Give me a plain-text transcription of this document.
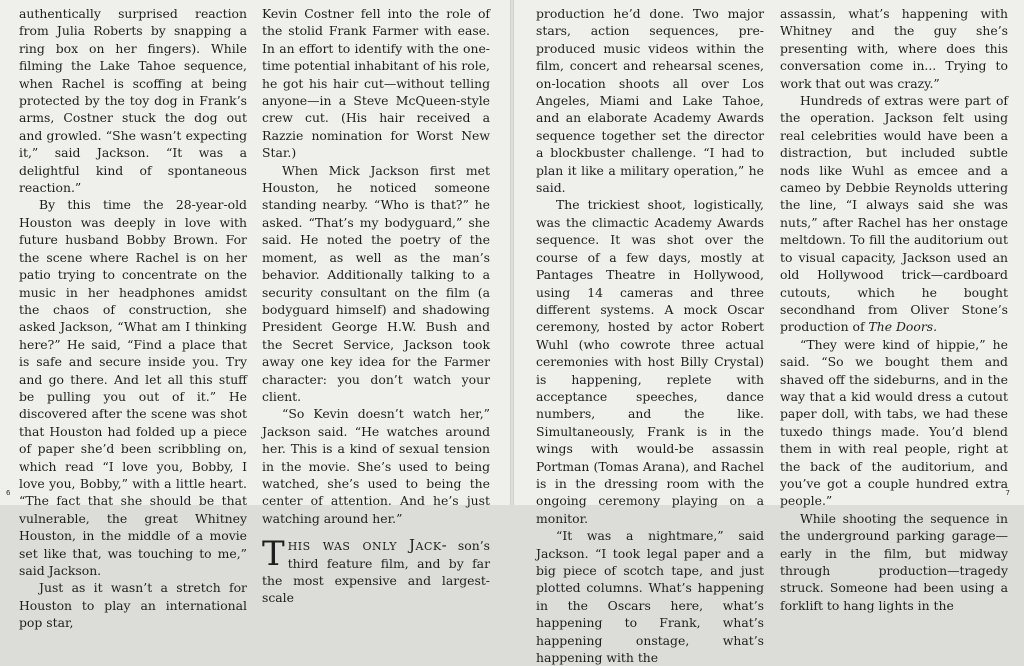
authentically surprised reaction from Julia Roberts by snapping a ring box on her fingers). While filming the Lake Tahoe sequence, when Rachel is scoffing at being protected by the toy dog in Frank’s arms, Costner stuck the dog out and growled. “She wasn’t expecting it,” said Jackson. “It was a delightful kind of spontaneous reaction.”

By this time the 28-year-old Houston was deeply in love with future husband Bobby Brown. For the scene where Rachel is on her patio trying to concentrate on the music in her headphones amidst the chaos of construction, she asked Jackson, “What am I thinking here?” He said, “Find a place that is safe and secure inside you. Try and go there. And let all this stuff be pulling you out of it.” He discovered after the scene was shot that Houston had folded up a piece of paper she’d been scribbling on, which read “I love you, Bobby, I love you, Bobby,” with a little heart. “The fact that she should be that vulnerable, the great Whitney Houston, in the middle of a movie set like that, was touching to me,” said Jackson.

Just as it wasn’t a stretch for Houston to play an international pop star,

Kevin Costner fell into the role of the stolid Frank Farmer with ease. In an effort to identify with the one-time potential inhabitant of his role, he got his hair cut—without telling anyone—in a Steve McQueen-style crew cut. (His hair received a Razzie nomination for Worst New Star.)

When Mick Jackson first met Houston, he noticed someone standing nearby. “Who is that?” he asked. “That’s my bodyguard,” she said. He noted the poetry of the moment, as well as the man’s behavior. Additionally talking to a security consultant on the film (a bodyguard himself) and shadowing President George H.W. Bush and the Secret Service, Jackson took away one key idea for the Farmer character: you don’t watch your client.

“So Kevin doesn’t watch her,” Jackson said. “He watches around her. This is a kind of sexual tension in the movie. She’s used to being watched, she’s used to being the center of attention. And he’s just watching around her.”

This was only Jack- son’s third feature film, and by far the most expensive and largest-scale

6

production he’d done. Two major stars, action sequences, pre-produced music videos within the film, concert and rehearsal scenes, on-location shoots all over Los Angeles, Miami and Lake Tahoe, and an elaborate Academy Awards sequence together set the director a blockbuster challenge. “I had to plan it like a military operation,” he said.

The trickiest shoot, logistically, was the climactic Academy Awards sequence. It was shot over the course of a few days, mostly at Pantages Theatre in Hollywood, using 14 cameras and three different systems. A mock Oscar ceremony, hosted by actor Robert Wuhl (who cowrote three actual ceremonies with host Billy Crystal) is happening, replete with acceptance speeches, dance numbers, and the like. Simultaneously, Frank is in the wings with would-be assassin Portman (Tomas Arana), and Rachel is in the dressing room with the ongoing ceremony playing on a monitor.

“It was a nightmare,” said Jackson. “I took legal paper and a big piece of scotch tape, and just plotted columns. What’s happening in the Oscars here, what’s happening to Frank, what’s happening onstage, what’s happening with the

assassin, what’s happening with Whitney and the guy she’s presenting with, where does this conversation come in... Trying to work that out was crazy.”

Hundreds of extras were part of the operation. Jackson felt using real celebrities would have been a distraction, but included subtle nods like Wuhl as emcee and a cameo by Debbie Reynolds uttering the line, “I always said she was nuts,” after Rachel has her onstage meltdown. To fill the auditorium out to visual capacity, Jackson used an old Hollywood trick—cardboard cutouts, which he bought secondhand from Oliver Stone’s production of The Doors.

“They were kind of hippie,” he said. “So we bought them and shaved off the sideburns, and in the way that a kid would dress a cutout paper doll, with tabs, we had these tuxedo things made. You’d blend them in with real people, right at the back of the auditorium, and you’ve got a couple hundred extra people.”

While shooting the sequence in the underground parking garage—early in the film, but midway through production—tragedy struck. Someone had been using a forklift to hang lights in the

7
